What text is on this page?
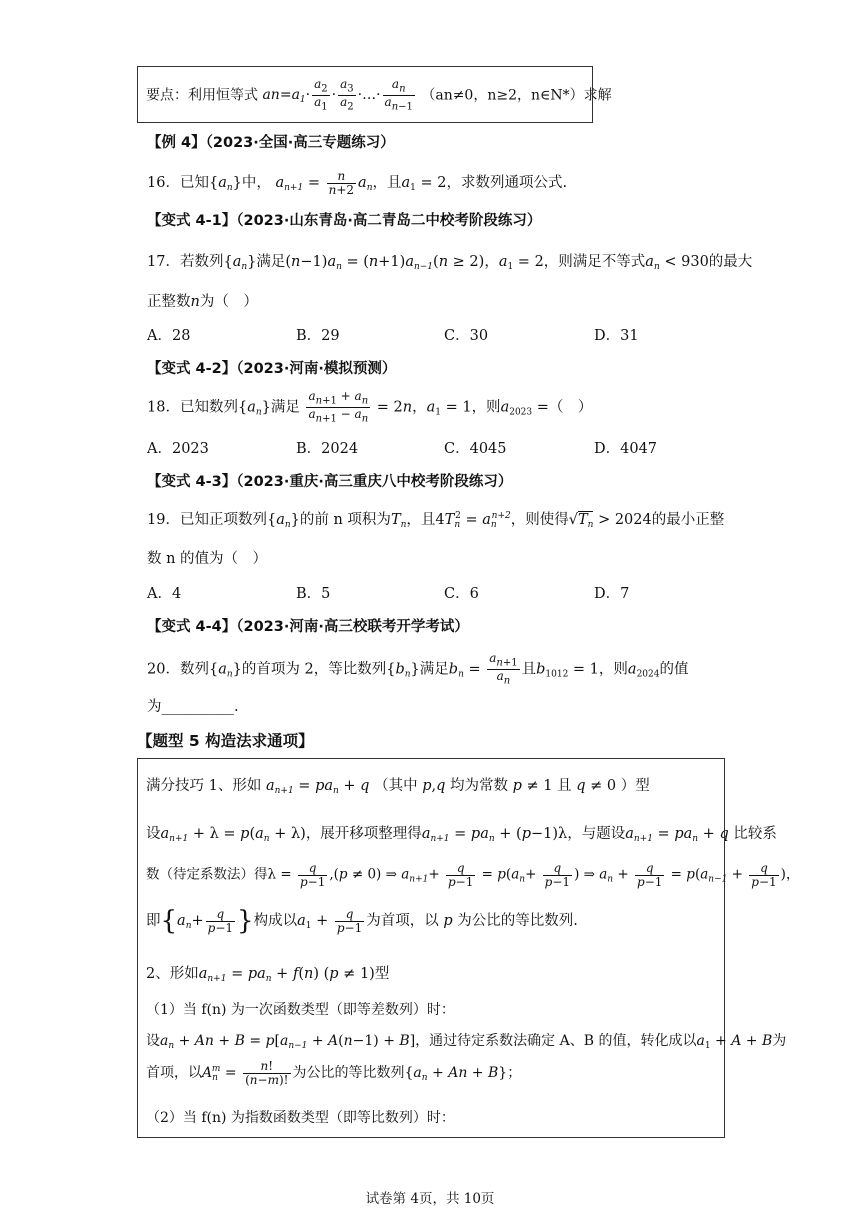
要点：利用恒等式 $an=a_1\cdot \frac{a_2}{a_1} \cdot \frac{a_3}{a_2}$ ·…· $\frac{a_n}{a_{n-1}} (an\ne 0$，n≥2，n∈N*）求解
【例 4】（2023·全国·高三专题练习）
16．已知$\{a_n\}$中， $a_{n+1} = \frac{n}{n+2} a_n$，且$a_1 = 2$，求数列通项公式.
【变式 4-1】（2023·山东青岛·高二青岛二中校考阶段练习）
17．若数列$\{a_n\}$满足$(n-1)a_n = (n+1)a_{n-1}(n \ge 2)$，$a_1 = 2$，则满足不等式$a_n < 930$的最大
正整数n为（　）
A．28	B．29	C．30	D．31
【变式 4-2】（2023·河南·模拟预测）
18．已知数列$\{a_n\}$满足 $\frac{a_{n+1} + a_n}{a_{n+1} - a_n} = 2n$，$a_1 = 1$，则$a_{2023}$ =（　）
A．2023	B．2024	C．4045	D．4047
【变式 4-3】（2023·重庆·高三重庆八中校考阶段练习）
19．已知正项数列$\{a_n\}$的前 n 项积为$T_n$，且$4T_n^2 = a_n^{n+2}$，则使得$√T_n > 2024$的最小正整
数 n 的值为（　）
A．4	B．5	C．6	D．7
【变式 4-4】（2023·河南·高三校联考开学考试）
20．数列$\{a_n\}$的首项为 2，等比数列$\{b_n\}$满足$b_n = \frac{a_{n+1}}{a_n}$ 且$b_{1012} = 1$，则$a_{2024}$的值
为__________.
【题型 5 构造法求通项】
满分技巧 1、形如 $a_{n+1} = pa_n + q$ （其中 p,q 均为常数 p ≠ 1 且 q ≠ 0 ）型
设$a_{n+1} + \lambda = p(a_n + \lambda)$，展开移项整理得$a_{n+1} = pa_n + (p-1)\lambda$，与题设$a_{n+1} = pa_n + q$ 比较系
数（待定系数法）得$\lambda = \frac{q}{p-1} ,(p \ne 0)$ ⇒ $a_{n+1}+ \frac{q}{p-1} = p(a_n+ \frac{q}{p-1}$ ) ⇒ $a_n + \frac{q}{p-1} = p(a_{n-1} + \frac{q}{p-1}$ )，
即{$a_n+ \frac{q}{p-1}$ }构成以$a_1 + \frac{q}{p-1}$ 为首项，以 p 为公比的等比数列.
2、形如$a_{n+1} = pa_n + f(n) (p \ne 1)$型
（1）当 f(n) 为一次函数类型（即等差数列）时：
设$a_n + An + B = p[a_{n-1} + A(n-1) + B]$，通过待定系数法确定 A、B 的值，转化成以$a_1 + A + B$为
首项，以$A_n^m = \frac{n!}{(n-m)!}$ 为公比的等比数列$\{a_n + An + B\}$；
（2）当 f(n) 为指数函数类型（即等比数列）时：
试卷第 4页，共 10页
